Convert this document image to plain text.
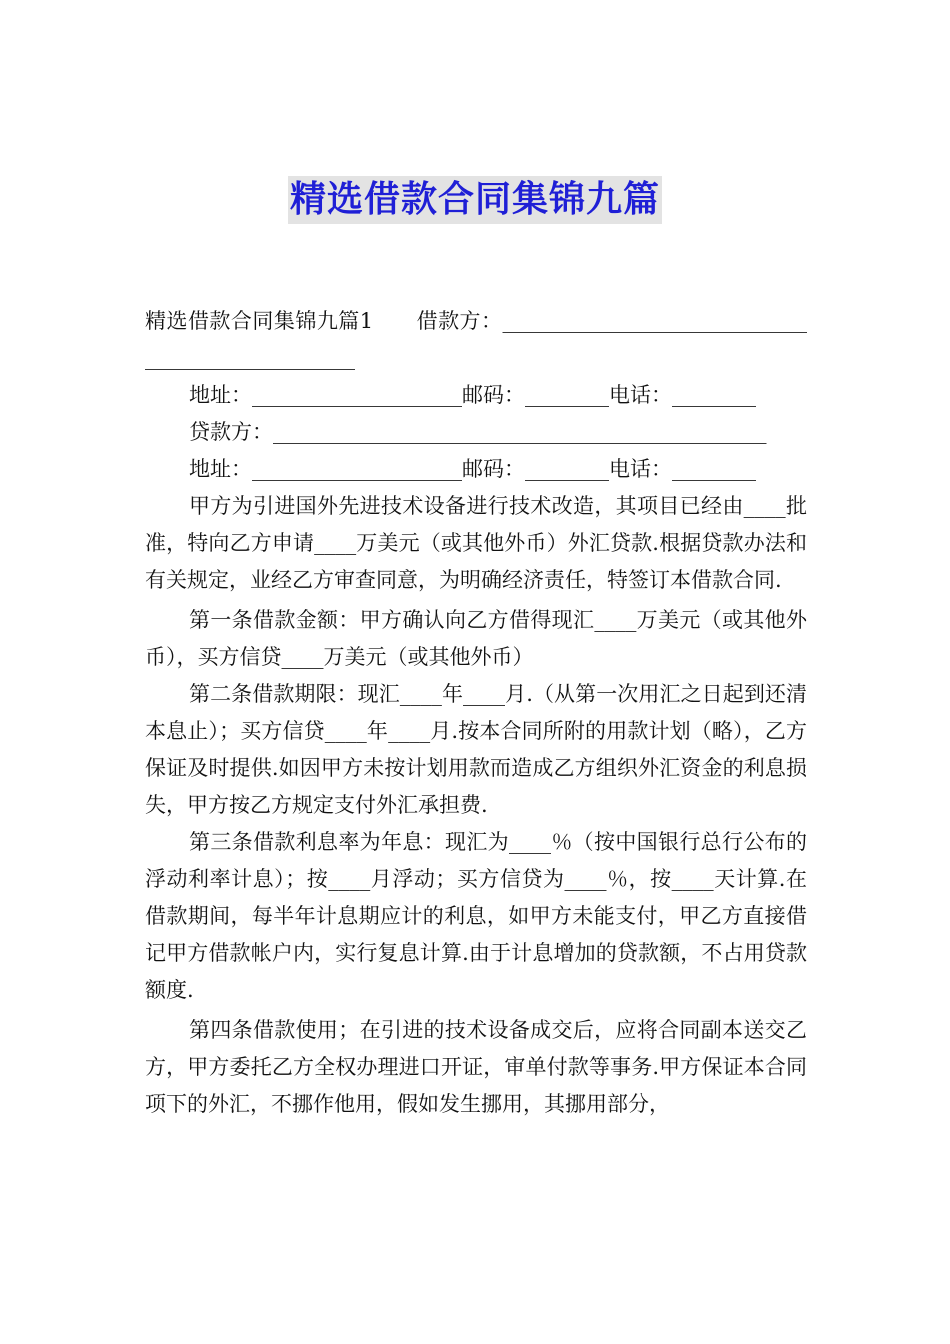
精选借款合同集锦九篇

精选借款合同集锦九篇1　　借款方：_________________________________________________

地址：____________________邮码：________电话：________

贷款方：_______________________________________________

地址：____________________邮码：________电话：________

甲方为引进国外先进技术设备进行技术改造，其项目已经由____批准，特向乙方申请____万美元（或其他外币）外汇贷款.根据贷款办法和有关规定，业经乙方审查同意，为明确经济责任，特签订本借款合同.

第一条借款金额：甲方确认向乙方借得现汇____万美元（或其他外币），买方信贷____万美元（或其他外币）

第二条借款期限：现汇____年____月.（从第一次用汇之日起到还清本息止）；买方信贷____年____月.按本合同所附的用款计划（略），乙方保证及时提供.如因甲方未按计划用款而造成乙方组织外汇资金的利息损失，甲方按乙方规定支付外汇承担费.

第三条借款利息率为年息：现汇为____％（按中国银行总行公布的浮动利率计息）；按____月浮动；买方信贷为____％，按____天计算.在借款期间，每半年计息期应计的利息，如甲方未能支付，甲乙方直接借记甲方借款帐户内，实行复息计算.由于计息增加的贷款额，不占用贷款额度.

第四条借款使用；在引进的技术设备成交后，应将合同副本送交乙方，甲方委托乙方全权办理进口开证，审单付款等事务.甲方保证本合同项下的外汇，不挪作他用，假如发生挪用，其挪用部分，
